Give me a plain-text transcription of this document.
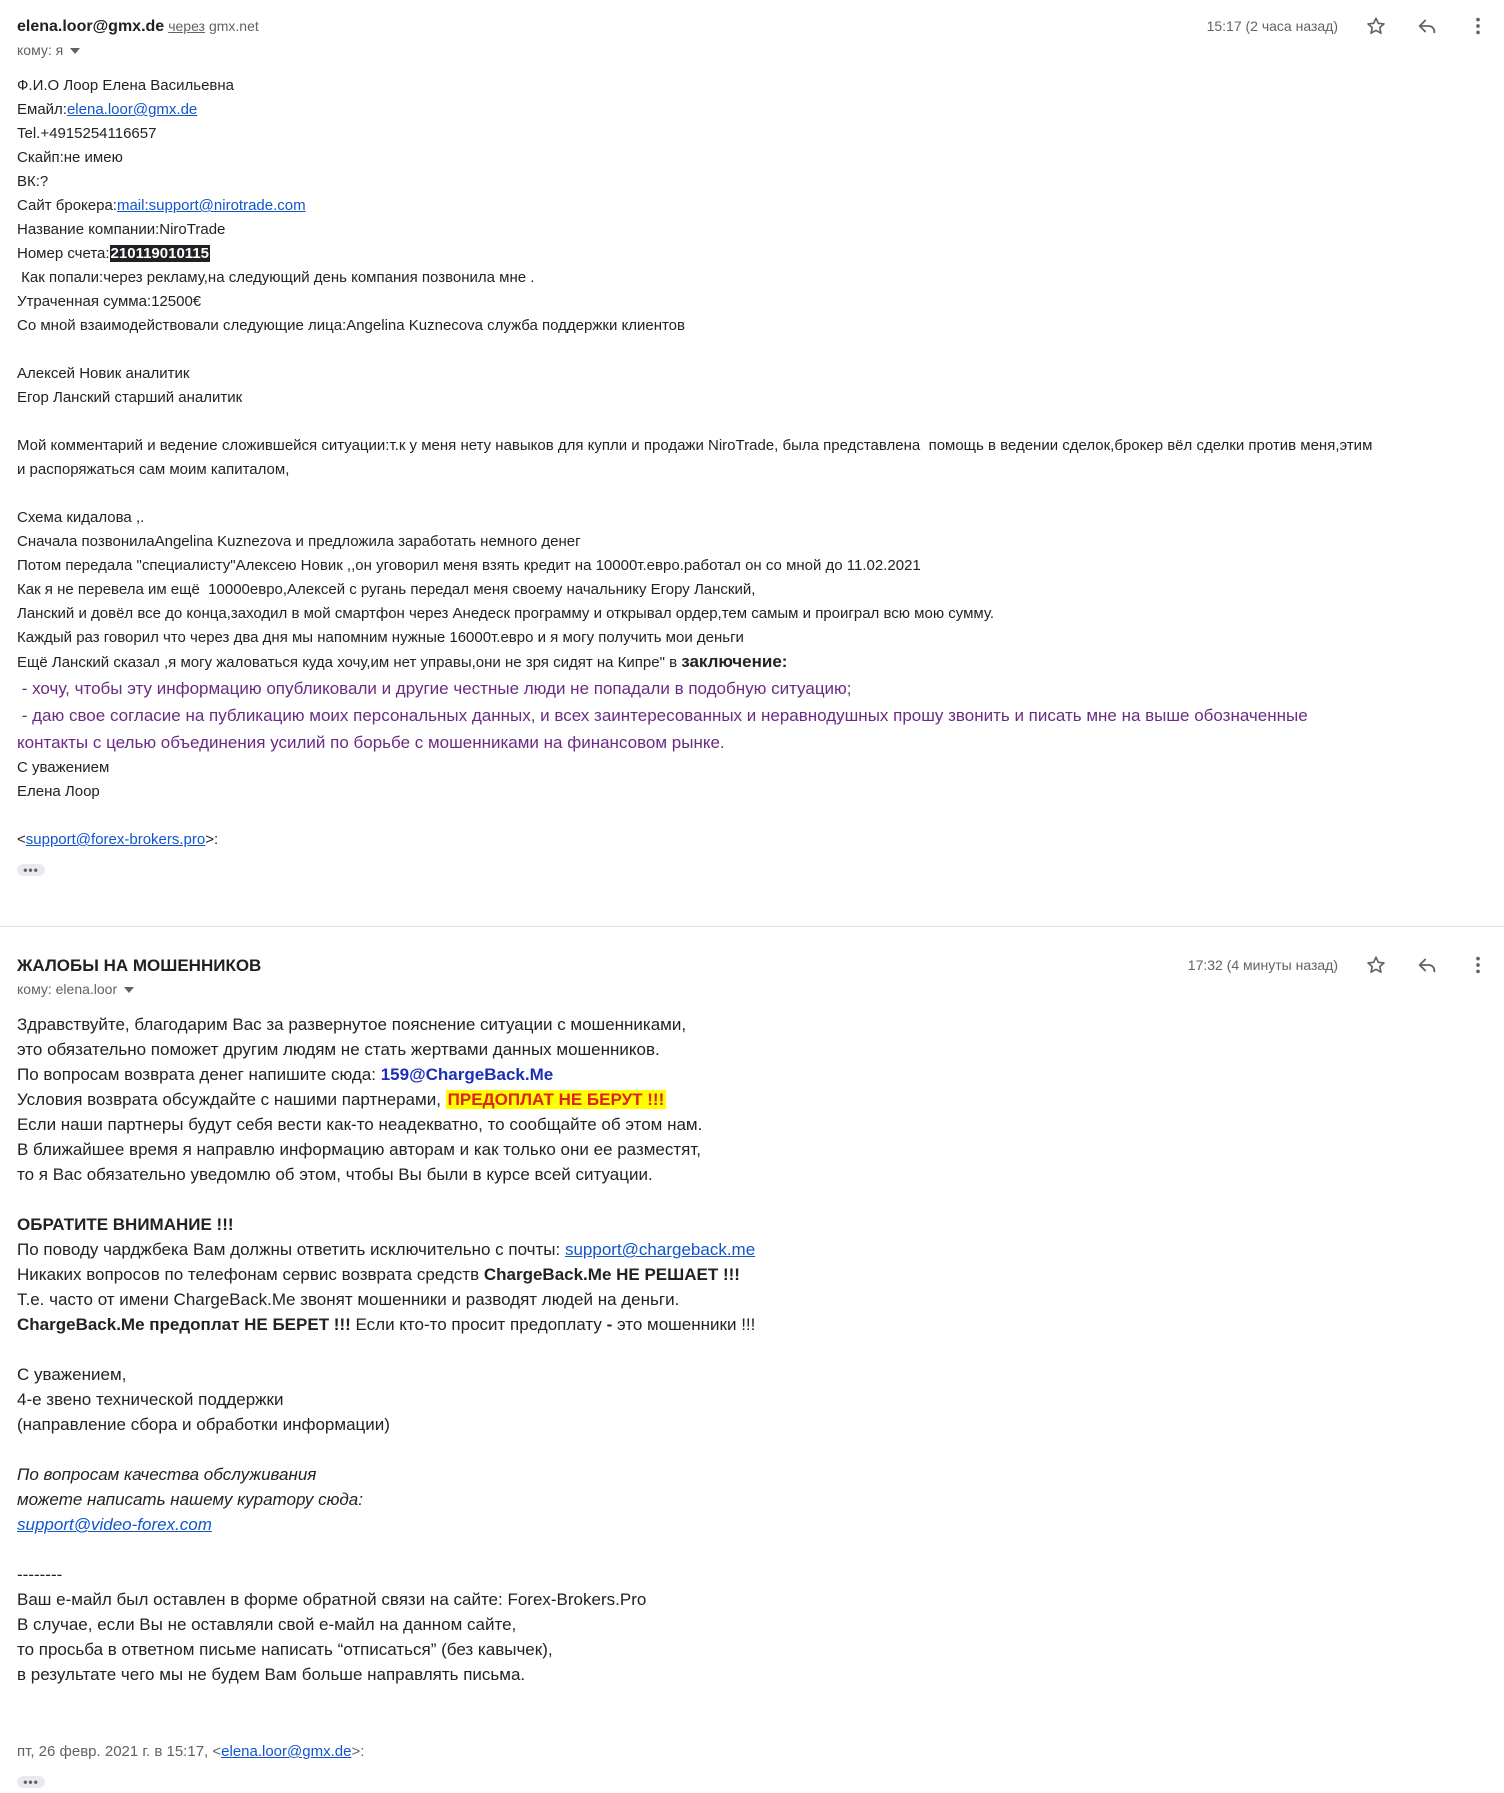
elena.loor@gmx.de через gmx.net
кому: я
15:17 (2 часа назад)
Ф.И.О Лоор Елена Васильевна
Емайл:elena.loor@gmx.de
Tel.+4915254116657
Скайп:не имею
ВК:?
Сайт брокера:mail:support@nirotrade.com
Название компании:NiroTrade
Номер счета:210119010115
Как попали:через рекламу,на следующий день компания позвонила мне .
Утраченная сумма:12500€
Со мной взаимодействовали следующие лица:Angelina Kuznecova служба поддержки клиентов
Алексей Новик аналитик
Егор Ланский старший аналитик
Мой комментарий и ведение сложившейся ситуации:т.к у меня нету навыков для купли и продажи NiroTrade, была представлена  помощь в ведении сделок,брокер вёл сделки против меня,этим
и распоряжаться сам моим капиталом,
Схема кидалова ,.
Сначала позвонилаAngelina Kuznezova и предложила заработать немного денег
Потом передала "специалисту"Алексею Новик ,,он уговорил меня взять кредит на 10000т.евро.работал он со мной до 11.02.2021
Как я не перевела им ещё  10000евро,Алексей с ругань передал меня своему начальнику Егору Ланский,
Ланский и довёл все до конца,заходил в мой смартфон через Анедеск программу и открывал ордер,тем самым и проиграл всю мою сумму.
Каждый раз говорил что через два дня мы напомним нужные 16000т.евро и я могу получить мои деньги
Ещё Ланский сказал ,я могу жаловаться куда хочу,им нет управы,они не зря сидят на Кипре" в заключение:
- хочу, чтобы эту информацию опубликовали и другие честные люди не попадали в подобную ситуацию;
- даю свое согласие на публикацию моих персональных данных, и всех заинтересованных и неравнодушных прошу звонить и писать мне на выше обозначенные
контакты с целью объединения усилий по борьбе с мошенниками на финансовом рынке.
С уважением
Елена Лоор
<support@forex-brokers.pro>:
•••
ЖАЛОБЫ НА МОШЕННИКОВ
кому: elena.loor
17:32 (4 минуты назад)
Здравствуйте, благодарим Вас за развернутое пояснение ситуации с мошенниками,
это обязательно поможет другим людям не стать жертвами данных мошенников.
По вопросам возврата денег напишите сюда: 159@ChargeBack.Me
Условия возврата обсуждайте с нашими партнерами, ПРЕДОПЛАТ НЕ БЕРУТ !!!
Если наши партнеры будут себя вести как-то неадекватно, то сообщайте об этом нам.
В ближайшее время я направлю информацию авторам и как только они ее разместят,
то я Вас обязательно уведомлю об этом, чтобы Вы были в курсе всей ситуации.
ОБРАТИТЕ ВНИМАНИЕ !!!
По поводу чарджбека Вам должны ответить исключительно с почты: support@chargeback.me
Никаких вопросов по телефонам сервис возврата средств ChargeBack.Me НЕ РЕШАЕТ !!!
Т.е. часто от имени ChargeBack.Me звонят мошенники и разводят людей на деньги.
ChargeBack.Me предоплат НЕ БЕРЕТ !!! Если кто-то просит предоплату - это мошенники !!!
С уважением,
4-е звено технической поддержки
(направление сбора и обработки информации)
По вопросам качества обслуживания
можете написать нашему куратору сюда:
support@video-forex.com
--------
Ваш е-майл был оставлен в форме обратной связи на сайте: Forex-Brokers.Pro
В случае, если Вы не оставляли свой е-майл на данном сайте,
то просьба в ответном письме написать “отписаться” (без кавычек),
в результате чего мы не будем Вам больше направлять письма.
пт, 26 февр. 2021 г. в 15:17, <elena.loor@gmx.de>:
•••
